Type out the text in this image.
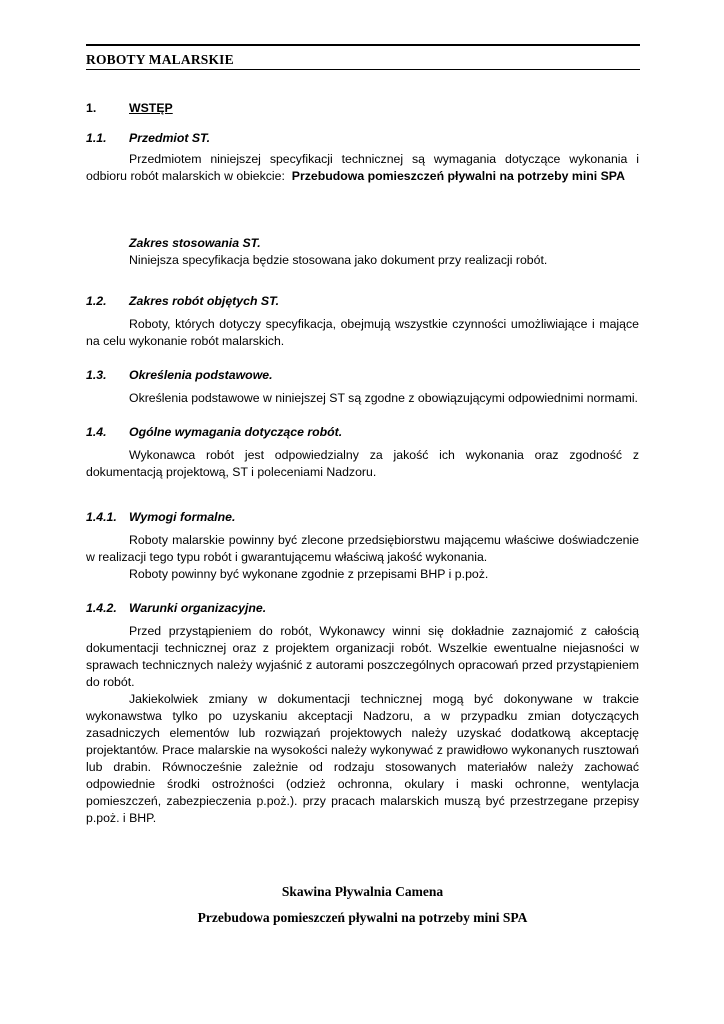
ROBOTY MALARSKIE
1.	WSTĘP
1.1.	Przedmiot ST.

Przedmiotem niniejszej specyfikacji technicznej są wymagania dotyczące wykonania i odbioru robót malarskich w obiekcie: Przebudowa pomieszczeń pływalni na potrzeby mini SPA

Zakres stosowania ST.

Niniejsza specyfikacja będzie stosowana jako dokument przy realizacji robót.

1.2.	Zakres robót objętych ST.

Roboty, których dotyczy specyfikacja, obejmują wszystkie czynności umożliwiające i mające na celu wykonanie robót malarskich.

1.3.	Określenia podstawowe.

Określenia podstawowe w niniejszej ST są zgodne z obowiązującymi odpowiednimi normami.

1.4.	Ogólne wymagania dotyczące robót.

Wykonawca robót jest odpowiedzialny za jakość ich wykonania oraz zgodność z dokumentacją projektową, ST i poleceniami Nadzoru.

1.4.1. Wymogi formalne.

Roboty malarskie powinny być zlecone przedsiębiorstwu mającemu właściwe doświadczenie w realizacji tego typu robót i gwarantującemu właściwą jakość wykonania.

Roboty powinny być wykonane zgodnie z przepisami BHP i p.poż.

1.4.2. Warunki organizacyjne.

Przed przystąpieniem do robót, Wykonawcy winni się dokładnie zaznajomić z całością dokumentacji technicznej oraz z projektem organizacji robót. Wszelkie ewentualne niejasności w sprawach technicznych należy wyjaśnić z autorami poszczególnych opracowań przed przystąpieniem do robót.

Jakiekolwiek zmiany w dokumentacji technicznej mogą być dokonywane w trakcie wykonawstwa tylko po uzyskaniu akceptacji Nadzoru, a w przypadku zmian dotyczących zasadniczych elementów lub rozwiązań projektowych należy uzyskać dodatkową akceptację projektantów. Prace malarskie na wysokości należy wykonywać z prawidłowo wykonanych rusztowań lub drabin. Równocześnie zależnie od rodzaju stosowanych materiałów należy zachować odpowiednie środki ostrożności (odzież ochronna, okulary i maski ochronne, wentylacja pomieszczeń, zabezpieczenia p.poż.). przy pracach malarskich muszą być przestrzegane przepisy p.poż. i BHP.

Skawina Pływalnia Camena
Przebudowa pomieszczeń pływalni na potrzeby mini SPA
